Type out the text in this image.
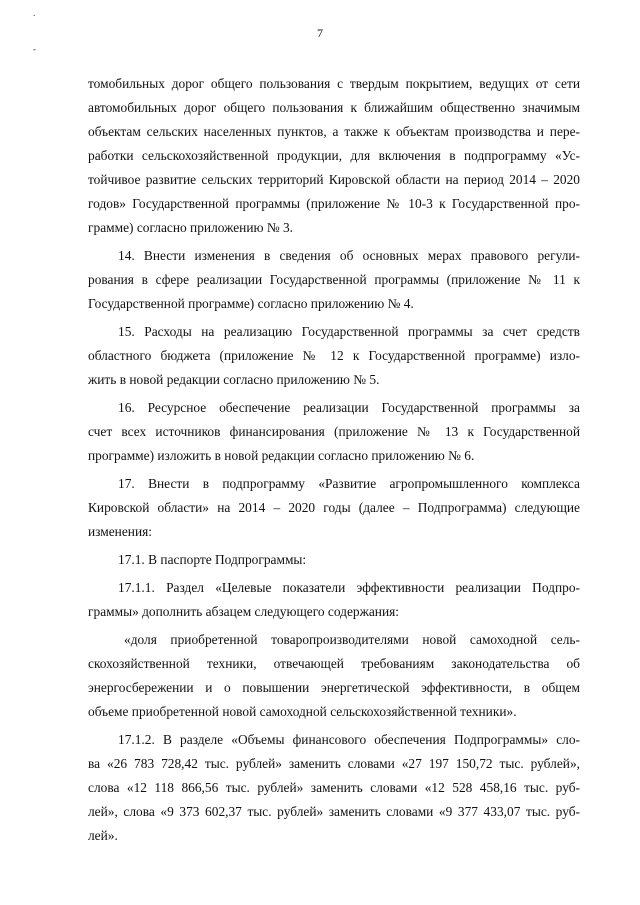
.
-
7

томобильных дорог общего пользования с твердым покрытием, ведущих от сети
автомобильных дорог общего пользования к ближайшим общественно значимым
объектам сельских населенных пунктов, а также к объектам производства и пере-
работки сельскохозяйственной продукции, для включения в подпрограмму «Ус-
тойчивое развитие сельских территорий Кировской области на период 2014 – 2020
годов» Государственной программы (приложение № 10-3 к Государственной про-
грамме) согласно приложению № 3.

14. Внести изменения в сведения об основных мерах правового регули-
рования в сфере реализации Государственной программы (приложение № 11 к
Государственной программе) согласно приложению № 4.

15. Расходы на реализацию Государственной программы за счет средств
областного бюджета (приложение № 12 к Государственной программе) изло-
жить в новой редакции согласно приложению № 5.

16. Ресурсное обеспечение реализации Государственной программы за
счет всех источников финансирования (приложение № 13 к Государственной
программе) изложить в новой редакции согласно приложению № 6.

17. Внести в подпрограмму «Развитие агропромышленного комплекса
Кировской области» на 2014 – 2020 годы (далее – Подпрограмма) следующие
изменения:

17.1. В паспорте Подпрограммы:

17.1.1. Раздел «Целевые показатели эффективности реализации Подпро-
граммы» дополнить абзацем следующего содержания:

«доля приобретенной товаропроизводителями новой самоходной сель-
скохозяйственной техники, отвечающей требованиям законодательства об
энергосбережении и о повышении энергетической эффективности, в общем
объеме приобретенной новой самоходной сельскохозяйственной техники».

17.1.2. В разделе «Объемы финансового обеспечения Подпрограммы» сло-
ва «26 783 728,42 тыс. рублей» заменить словами «27 197 150,72 тыс. рублей»,
слова «12 118 866,56 тыс. рублей» заменить словами «12 528 458,16 тыс. руб-
лей», слова «9 373 602,37 тыс. рублей» заменить словами «9 377 433,07 тыс. руб-
лей».
